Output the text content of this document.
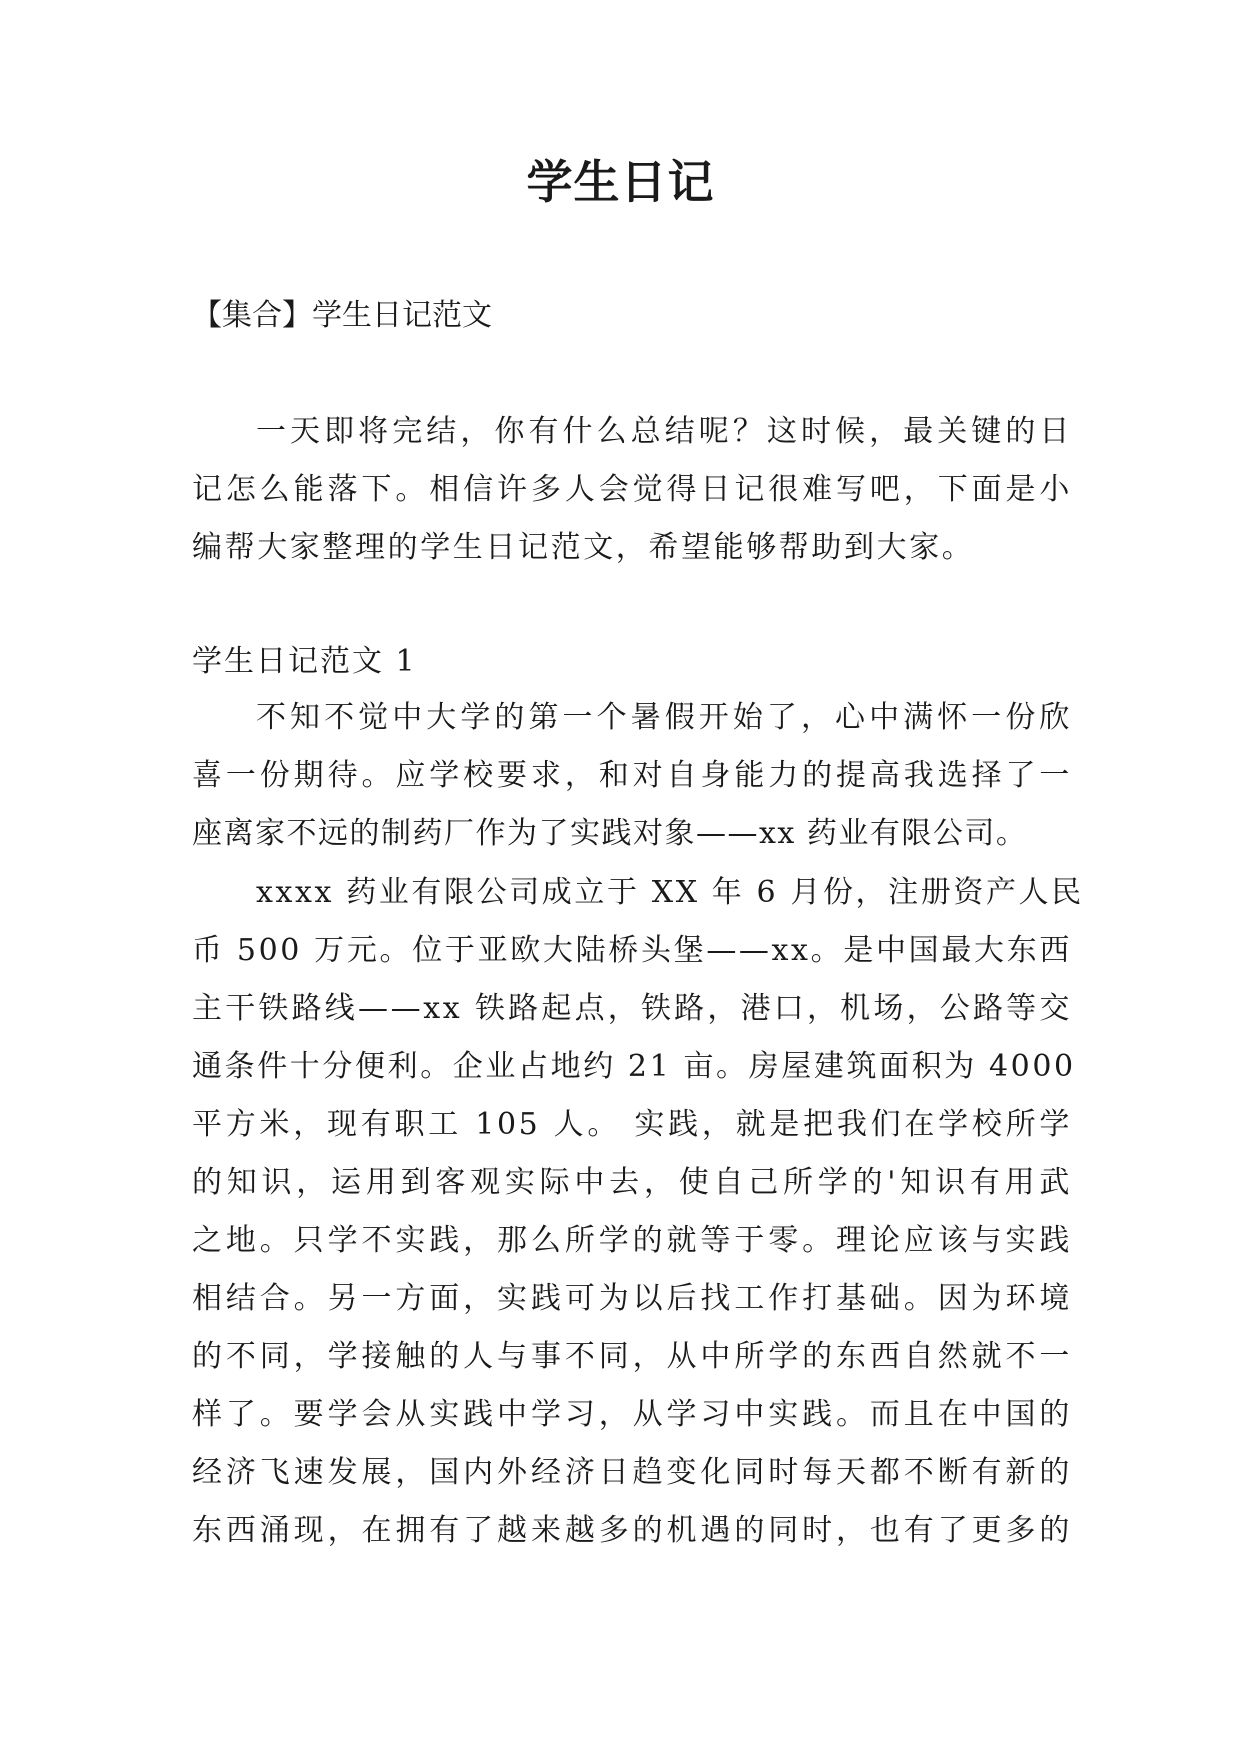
学生日记

【集合】学生日记范文

一天即将完结，你有什么总结呢？这时候，最关键的日
记怎么能落下。相信许多人会觉得日记很难写吧，下面是小
编帮大家整理的学生日记范文，希望能够帮助到大家。

学生日记范文 1

不知不觉中大学的第一个暑假开始了，心中满怀一份欣
喜一份期待。应学校要求，和对自身能力的提高我选择了一
座离家不远的制药厂作为了实践对象——xx 药业有限公司。
xxxx 药业有限公司成立于 XX 年 6 月份，注册资产人民
币 500 万元。位于亚欧大陆桥头堡——xx。是中国最大东西
主干铁路线——xx 铁路起点，铁路，港口，机场，公路等交
通条件十分便利。企业占地约 21 亩。房屋建筑面积为 4000
平方米，现有职工 105 人。 实践，就是把我们在学校所学
的知识，运用到客观实际中去，使自己所学的'知识有用武
之地。只学不实践，那么所学的就等于零。理论应该与实践
相结合。另一方面，实践可为以后找工作打基础。因为环境
的不同，学接触的人与事不同，从中所学的东西自然就不一
样了。要学会从实践中学习，从学习中实践。而且在中国的
经济飞速发展，国内外经济日趋变化同时每天都不断有新的
东西涌现，在拥有了越来越多的机遇的同时，也有了更多的
